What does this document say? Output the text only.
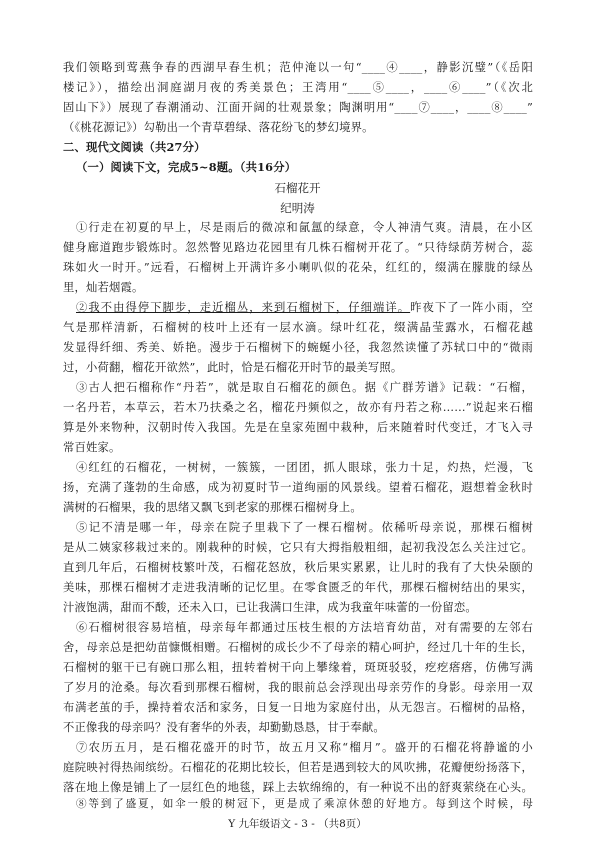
我们领略到莺燕争春的西湖早春生机；范仲淹以一句“____④____，静影沉璧”（《岳阳
楼记》），描绘出洞庭湖月夜的秀美景色；王湾用“____⑤____，____⑥____”（《次北
固山下》）展现了春潮涌动、江面开阔的壮观景象；陶渊明用“____⑦____，____⑧____”
（《桃花源记》）勾勒出一个青草碧绿、落花纷飞的梦幻境界。
二、现代文阅读（共27分）
（一）阅读下文，完成5~8题。（共16分）
石榴花开
纪明涛
①行走在初夏的早上，尽是雨后的微凉和氤氲的绿意，令人神清气爽。清晨，在小区
健身廊道跑步锻炼时。忽然瞥见路边花园里有几株石榴树开花了。“只待绿荫芳树合，蕊
珠如火一时开。”远看，石榴树上开满许多小喇叭似的花朵，红红的，缀满在朦胧的绿丛
里，灿若烟霞。
②我不由得停下脚步，走近榴丛，来到石榴树下，仔细端详。昨夜下了一阵小雨，空
气是那样清新，石榴树的枝叶上还有一层水滴。绿叶红花，缀满晶莹露水，石榴花越
发显得纤细、秀美、娇艳。漫步于石榴树下的蜿蜒小径，我忽然读懂了苏轼口中的“微雨
过，小荷翻，榴花开欲然”，此时，恰是石榴花开时节的最美写照。
③古人把石榴称作“丹若”，就是取自石榴花的颜色。据《广群芳谱》记载：“石榴，
一名丹若，本草云，若木乃扶桑之名，榴花丹频似之，故亦有丹若之称……”说起来石榴
算是外来物种，汉朝时传入我国。先是在皇家苑囿中栽种，后来随着时代变迁，才飞入寻
常百姓家。
④红红的石榴花，一树树，一簇簇，一团团，抓人眼球，张力十足，灼热，烂漫，飞
扬，充满了蓬勃的生命感，成为初夏时节一道绚丽的风景线。望着石榴花，遐想着金秋时
满树的石榴果，我的思绪又飘飞到老家的那棵石榴树身上。
⑤记不清是哪一年，母亲在院子里栽下了一棵石榴树。依稀听母亲说，那棵石榴树
是从二姨家移栽过来的。刚栽种的时候，它只有大拇指般粗细，起初我没怎么关注过它。
直到几年后，石榴树枝繁叶茂，石榴花怒放，秋后果实累累，让儿时的我有了大快朵颐的
美味，那棵石榴树才走进我清晰的记忆里。在零食匮乏的年代，那棵石榴树结出的果实，
汁液饱满，甜而不酸，还未入口，已让我满口生津，成为我童年味蕾的一份留恋。
⑥石榴树很容易培植，母亲每年都通过压枝生根的方法培育幼苗，对有需要的左邻右
舍，母亲总是把幼苗慷慨相赠。石榴树的成长少不了母亲的精心呵护，经过几十年的生长，
石榴树的躯干已有碗口那么粗，扭转着树干向上攀缘着，斑斑驳驳，疙疙瘩瘩，仿佛写满
了岁月的沧桑。每次看到那棵石榴树，我的眼前总会浮现出母亲劳作的身影。母亲用一双
布满老茧的手，操持着农活和家务，日复一日地为家庭付出，从无怨言。石榴树的品格，
不正像我的母亲吗？没有奢华的外表，却勤勤恳恳，甘于奉献。
⑦农历五月，是石榴花盛开的时节，故五月又称“榴月”。盛开的石榴花将静谧的小
庭院映衬得热闹缤纷。石榴花的花期比较长，但若是遇到较大的风吹拂，花瓣便纷扬落下，
落在地上像是铺上了一层红色的地毯，踩上去软绵绵的，有一种说不出的舒爽萦绕在心头。
⑧等到了盛夏，如伞一般的树冠下，更是成了乘凉休憩的好地方。每到这个时候，母
Y 九年级语文 - 3 - （共8页）
